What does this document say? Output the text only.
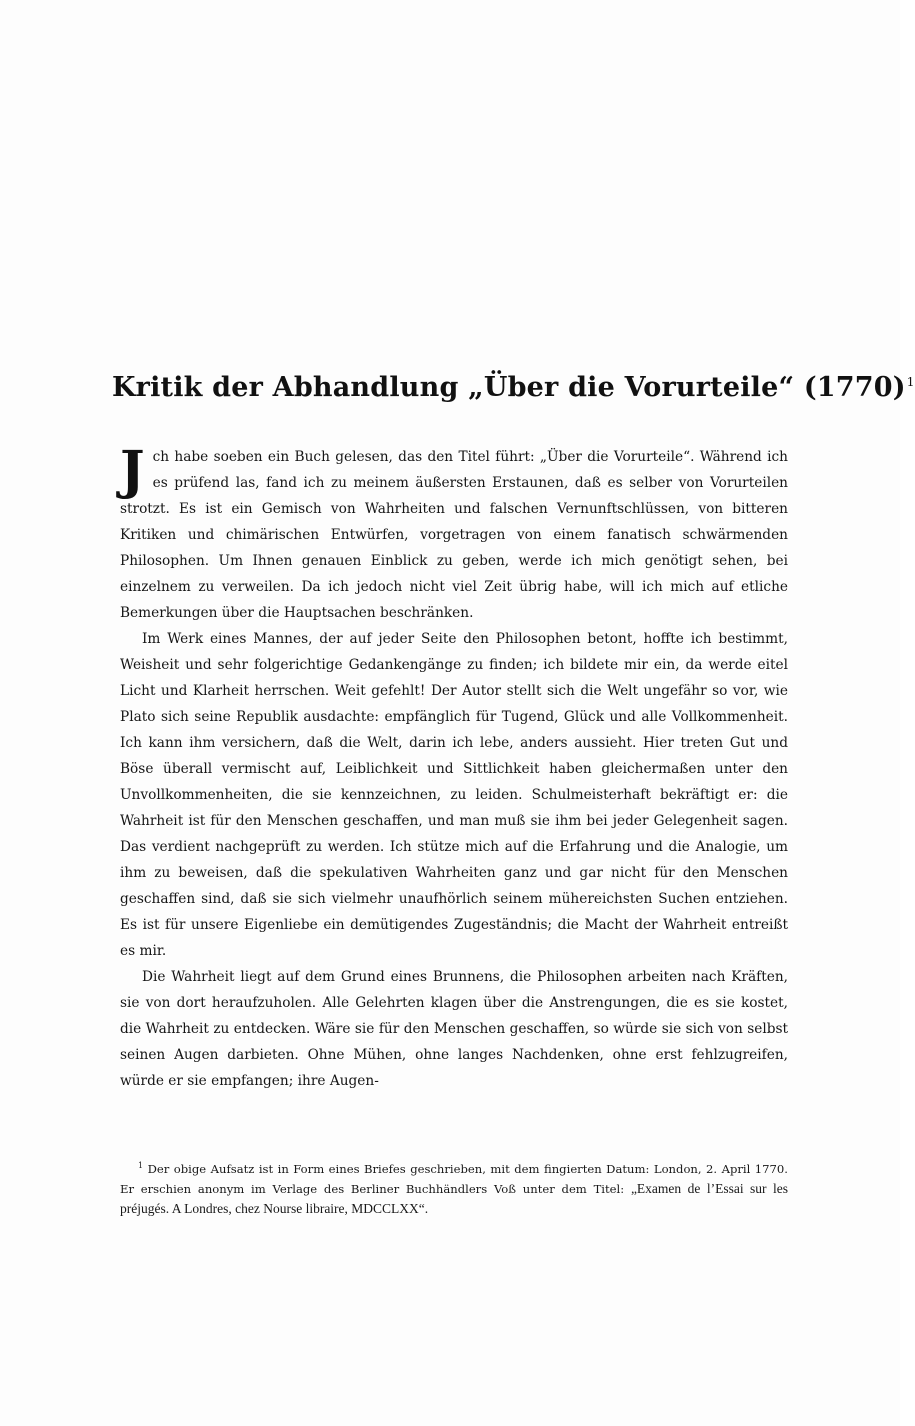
Kritik der Abhandlung „Über die Vorurteile“ $(1770)^1$

Jch habe soeben ein Buch gelesen, das den Titel führt: „Über die Vorurteile“. Während ich es prüfend las, fand ich zu meinem äußersten Erstaunen, daß es selber von Vorurteilen strotzt. Es ist ein Gemisch von Wahrheiten und falschen Vernunftschlüssen, von bitteren Kritiken und chimärischen Entwürfen, vorgetragen von einem fanatisch schwärmenden Philosophen. Um Ihnen genauen Einblick zu geben, werde ich mich genötigt sehen, bei einzelnem zu verweilen. Da ich jedoch nicht viel Zeit übrig habe, will ich mich auf etliche Bemerkungen über die Hauptsachen beschränken.

Im Werk eines Mannes, der auf jeder Seite den Philosophen betont, hoffte ich bestimmt, Weisheit und sehr folgerichtige Gedankengänge zu finden; ich bildete mir ein, da werde eitel Licht und Klarheit herrschen. Weit gefehlt! Der Autor stellt sich die Welt ungefähr so vor, wie Plato sich seine Republik ausdachte: empfänglich für Tugend, Glück und alle Vollkommenheit. Ich kann ihm versichern, daß die Welt, darin ich lebe, anders aussieht. Hier treten Gut und Böse überall vermischt auf, Leiblichkeit und Sittlichkeit haben gleichermaßen unter den Unvollkommenheiten, die sie kennzeichnen, zu leiden. Schulmeisterhaft bekräftigt er: die Wahrheit ist für den Menschen geschaffen, und man muß sie ihm bei jeder Gelegenheit sagen. Das verdient nachgeprüft zu werden. Ich stütze mich auf die Erfahrung und die Analogie, um ihm zu beweisen, daß die spekulativen Wahrheiten ganz und gar nicht für den Menschen geschaffen sind, daß sie sich vielmehr unaufhörlich seinem mühereichsten Suchen entziehen. Es ist für unsere Eigenliebe ein demütigendes Zugeständnis; die Macht der Wahrheit entreißt es mir.

Die Wahrheit liegt auf dem Grund eines Brunnens, die Philosophen arbeiten nach Kräften, sie von dort heraufzuholen. Alle Gelehrten klagen über die Anstrengungen, die es sie kostet, die Wahrheit zu entdecken. Wäre sie für den Menschen geschaffen, so würde sie sich von selbst seinen Augen darbieten. Ohne Mühen, ohne langes Nachdenken, ohne erst fehlzugreifen, würde er sie empfangen; ihre Augen-

$^1$ Der obige Aufsatz ist in Form eines Briefes geschrieben, mit dem fingierten Datum: London, 2. April 1770. Er erschien anonym im Verlage des Berliner Buchhändlers Voß unter dem Titel: „Examen de l’Essai sur les préjugés. A Londres, chez Nourse libraire, MDCCLXX“.
